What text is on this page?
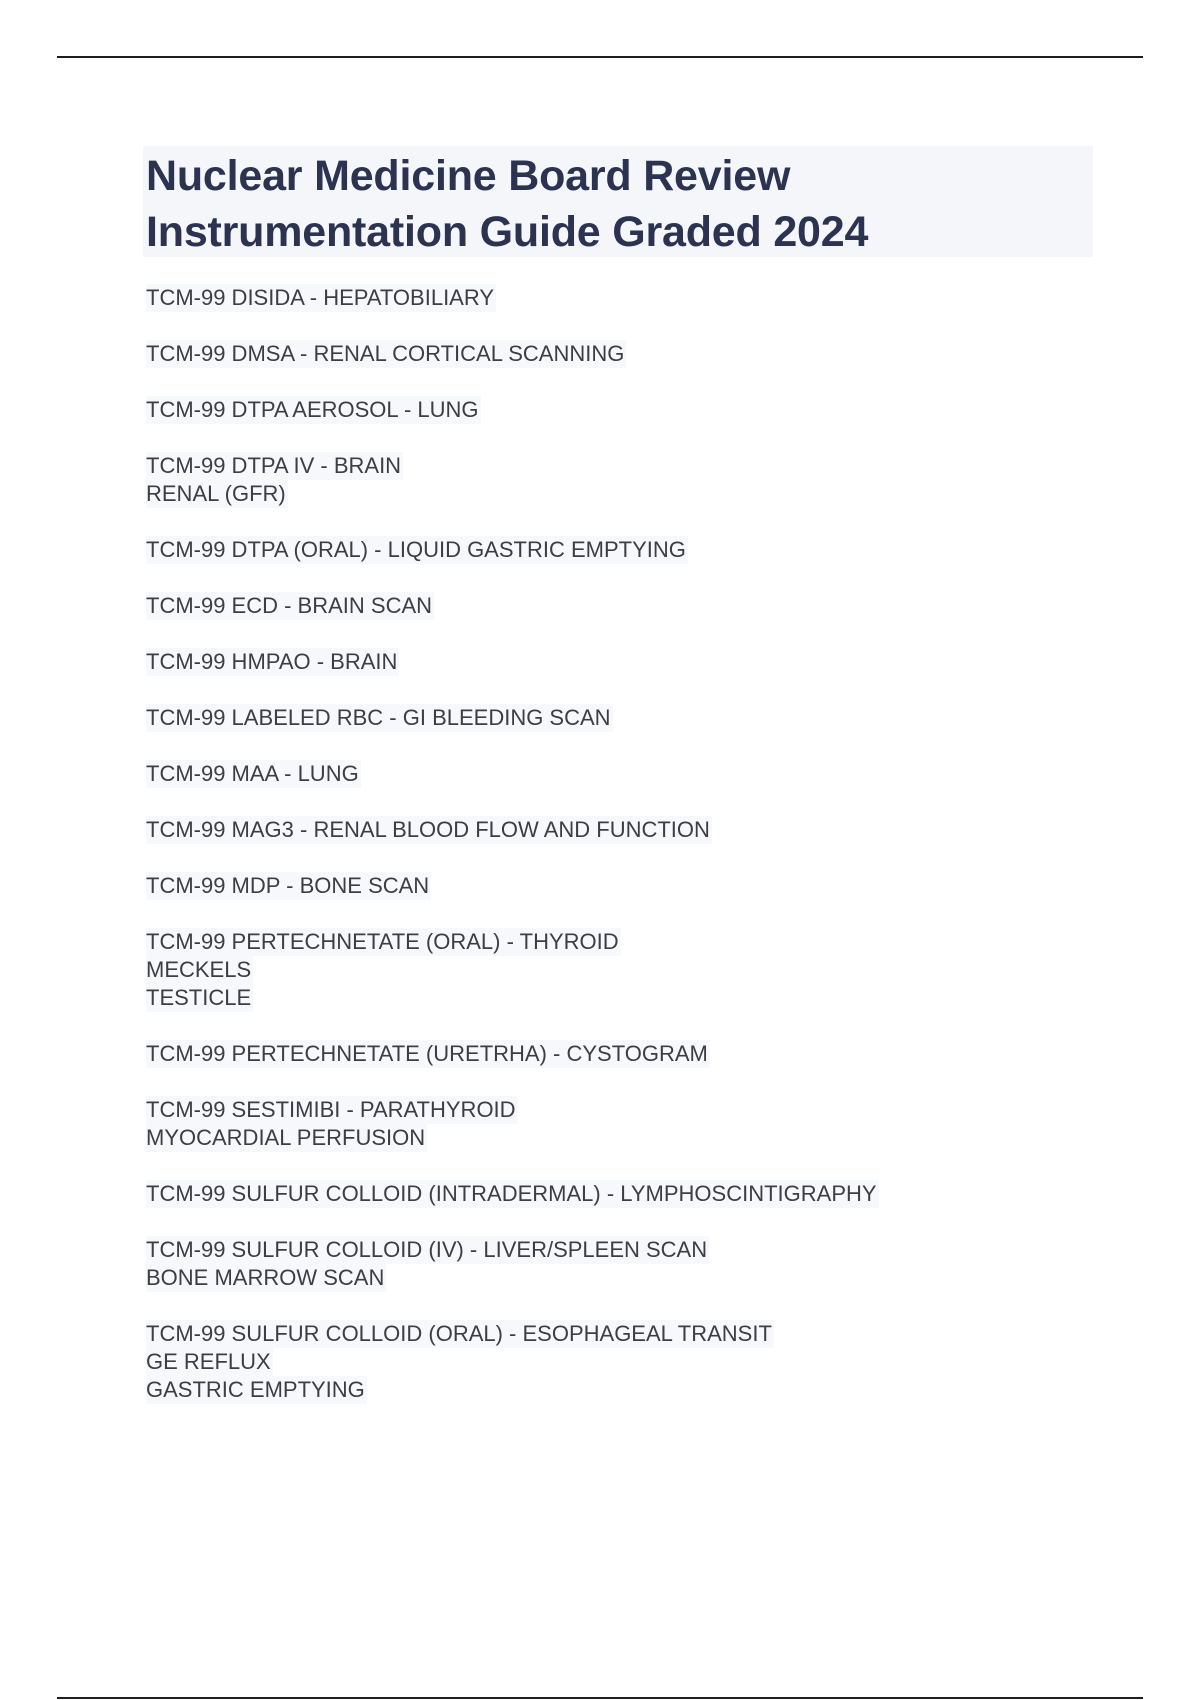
Nuclear Medicine Board Review
Instrumentation Guide Graded 2024
TCM-99 DISIDA - HEPATOBILIARY
TCM-99 DMSA - RENAL CORTICAL SCANNING
TCM-99 DTPA AEROSOL - LUNG
TCM-99 DTPA IV - BRAIN
RENAL (GFR)
TCM-99 DTPA (ORAL) - LIQUID GASTRIC EMPTYING
TCM-99 ECD - BRAIN SCAN
TCM-99 HMPAO - BRAIN
TCM-99 LABELED RBC - GI BLEEDING SCAN
TCM-99 MAA - LUNG
TCM-99 MAG3 - RENAL BLOOD FLOW AND FUNCTION
TCM-99 MDP - BONE SCAN
TCM-99 PERTECHNETATE (ORAL) - THYROID
MECKELS
TESTICLE
TCM-99 PERTECHNETATE (URETRHA) - CYSTOGRAM
TCM-99 SESTIMIBI - PARATHYROID
MYOCARDIAL PERFUSION
TCM-99 SULFUR COLLOID (INTRADERMAL) - LYMPHOSCINTIGRAPHY
TCM-99 SULFUR COLLOID (IV) - LIVER/SPLEEN SCAN
BONE MARROW SCAN
TCM-99 SULFUR COLLOID (ORAL) - ESOPHAGEAL TRANSIT
GE REFLUX
GASTRIC EMPTYING
